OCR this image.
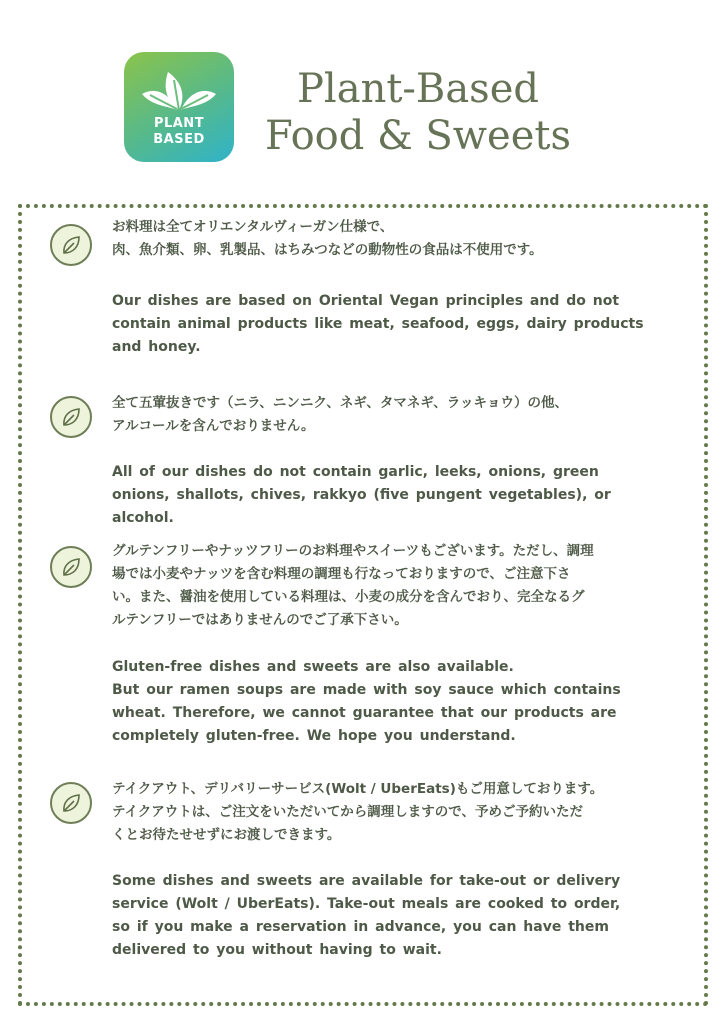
PLANT
BASED
Plant-Based
Food & Sweets
お料理は全てオリエンタルヴィーガン仕様で、
肉、魚介類、卵、乳製品、はちみつなどの動物性の食品は不使用です。
Our dishes are based on Oriental Vegan principles and do not
contain animal products like meat, seafood, eggs, dairy products
and honey.
全て五葷抜きです（ニラ、ニンニク、ネギ、タマネギ、ラッキョウ）の他、
アルコールを含んでおりません。
All of our dishes do not contain garlic, leeks, onions, green
onions, shallots, chives, rakkyo (five pungent vegetables), or
alcohol.
グルテンフリーやナッツフリーのお料理やスイーツもございます。ただし、調理
場では小麦やナッツを含む料理の調理も行なっておりますので、ご注意下さ
い。また、醤油を使用している料理は、小麦の成分を含んでおり、完全なるグ
ルテンフリーではありませんのでご了承下さい。
Gluten-free dishes and sweets are also available.
But our ramen soups are made with soy sauce which contains
wheat. Therefore, we cannot guarantee that our products are
completely gluten-free. We hope you understand.
テイクアウト、デリバリーサービス(Wolt / UberEats)もご用意しております。
テイクアウトは、ご注文をいただいてから調理しますので、予めご予約いただ
くとお待たせせずにお渡しできます。
Some dishes and sweets are available for take-out or delivery
service (Wolt / UberEats). Take-out meals are cooked to order,
so if you make a reservation in advance, you can have them
delivered to you without having to wait.
